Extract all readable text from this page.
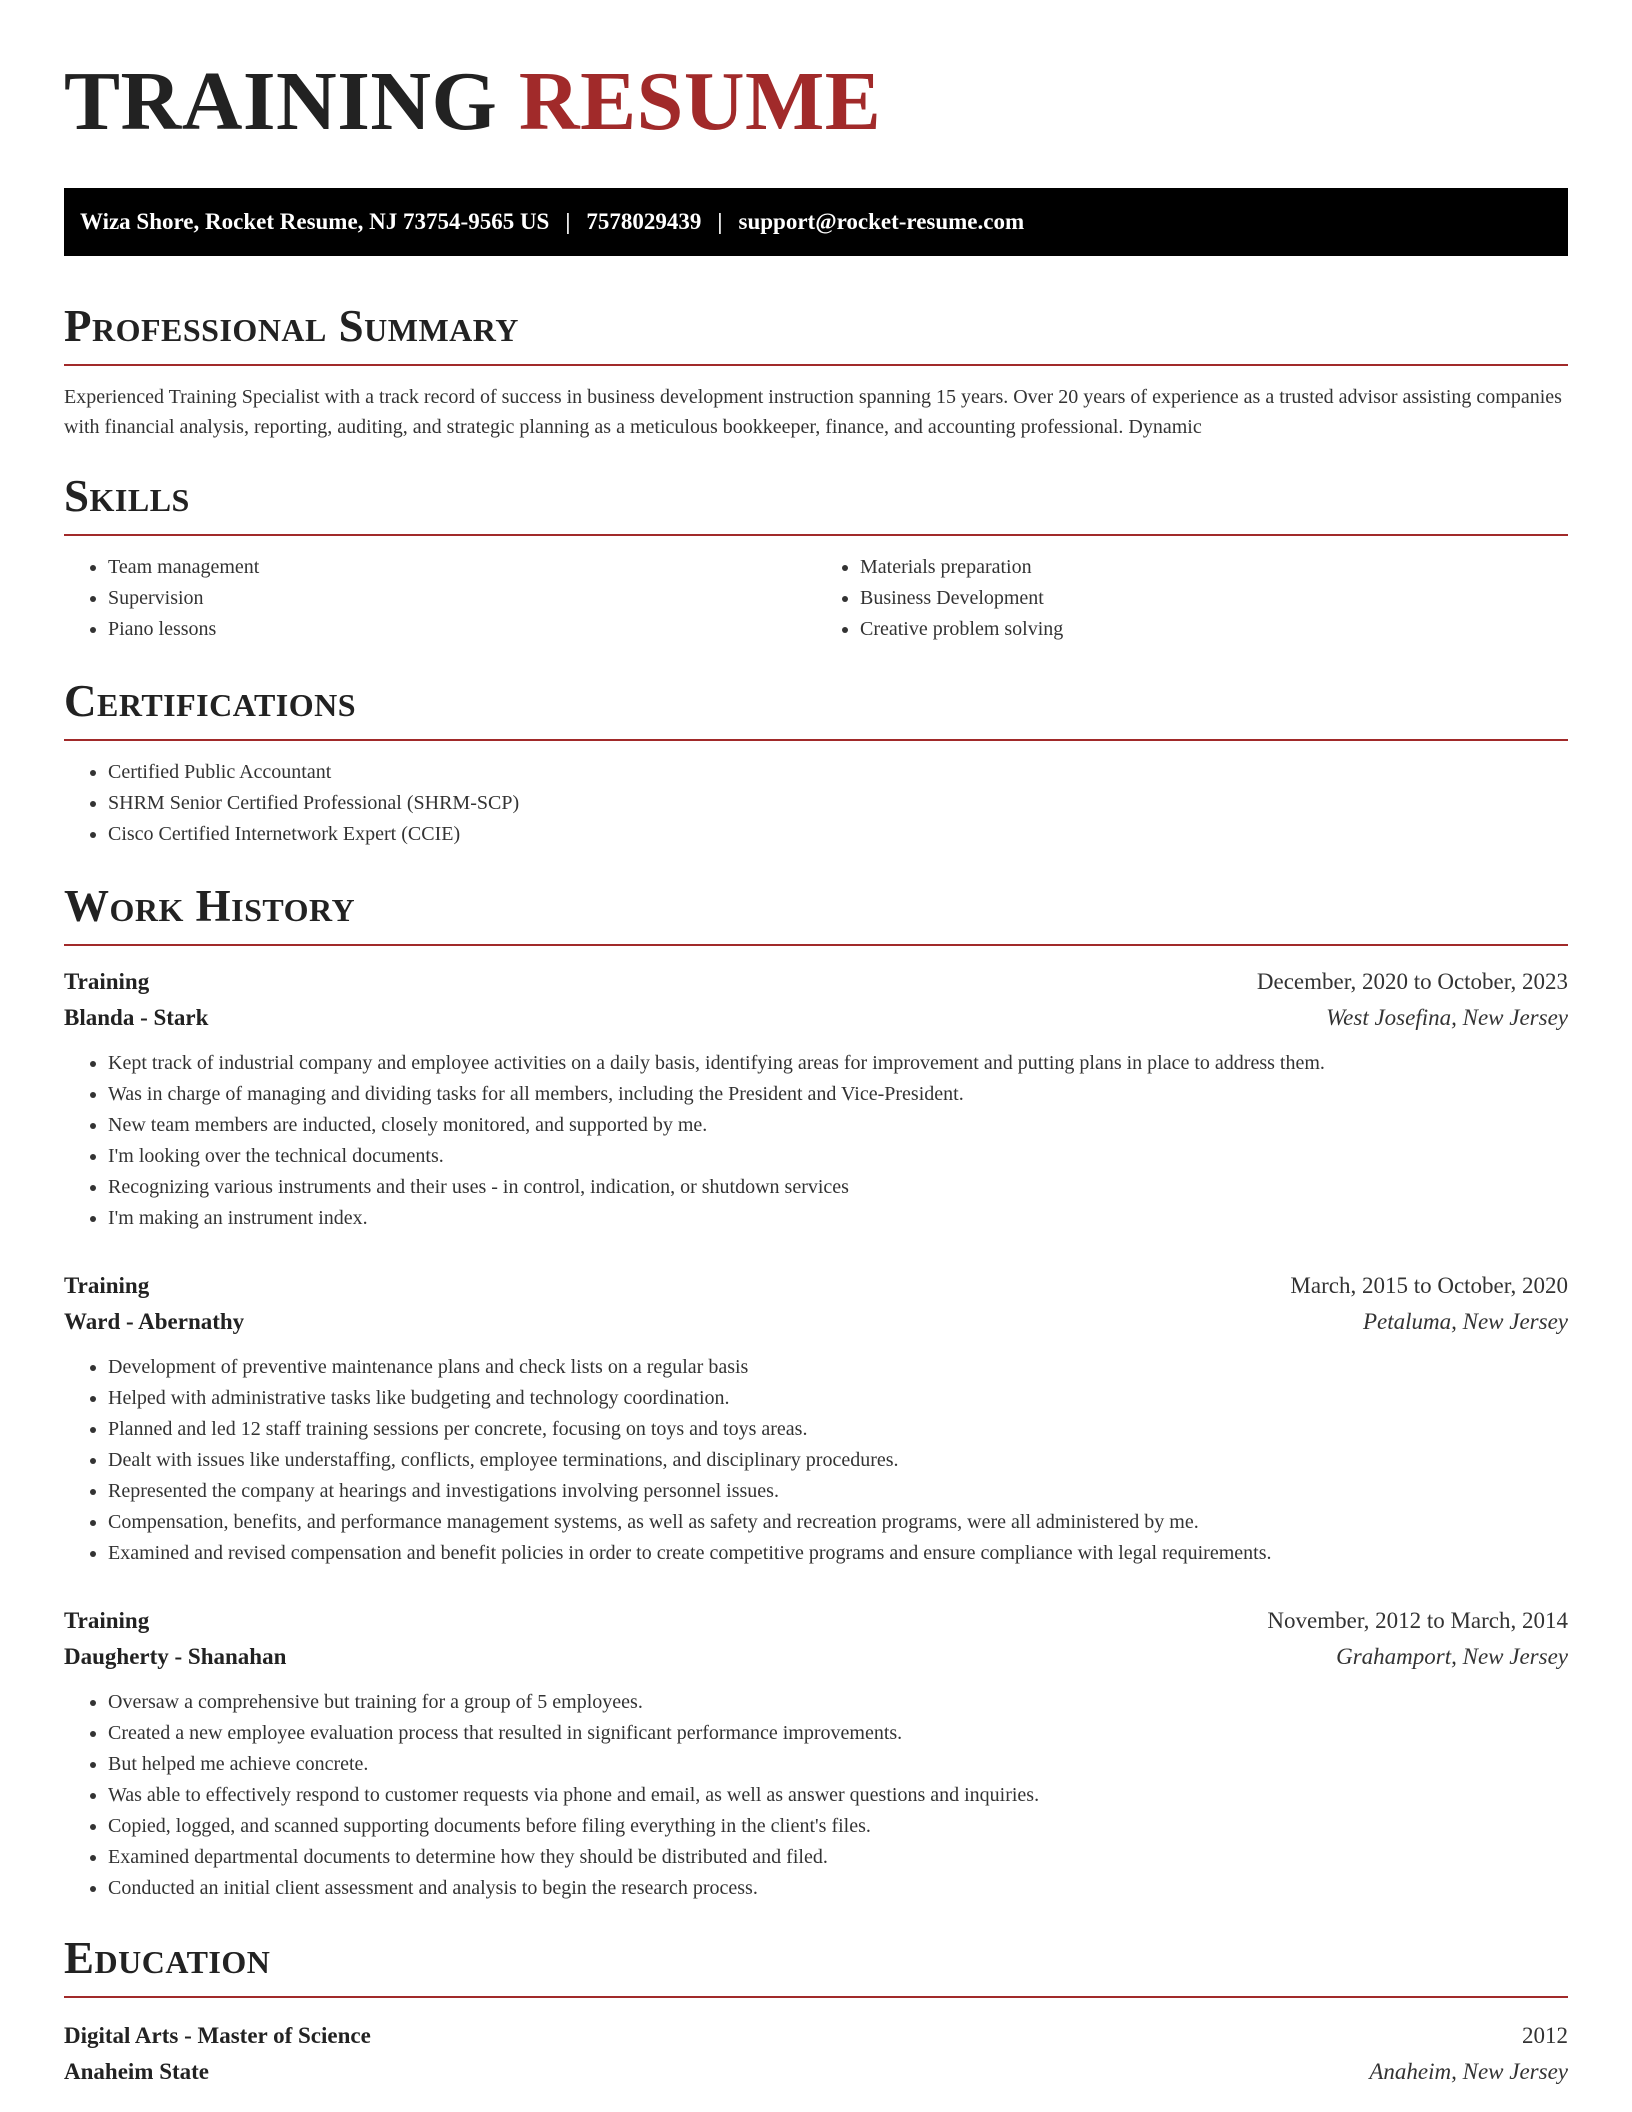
TRAINING RESUME
Wiza Shore, Rocket Resume, NJ 73754-9565 US | 7578029439 | support@rocket-resume.com
Professional Summary

Experienced Training Specialist with a track record of success in business development instruction spanning 15 years. Over 20 years of experience as a trusted advisor assisting companies with financial analysis, reporting, auditing, and strategic planning as a meticulous bookkeeper, finance, and accounting professional. Dynamic

Skills
• Team management
• Supervision
• Piano lessons
• Materials preparation
• Business Development
• Creative problem solving
Certifications
• Certified Public Accountant
• SHRM Senior Certified Professional (SHRM-SCP)
• Cisco Certified Internetwork Expert (CCIE)
Work History
Training	December, 2020 to October, 2023
Blanda - Stark	West Josefina, New Jersey
• Kept track of industrial company and employee activities on a daily basis, identifying areas for improvement and putting plans in place to address them.
• Was in charge of managing and dividing tasks for all members, including the President and Vice-President.
• New team members are inducted, closely monitored, and supported by me.
• I'm looking over the technical documents.
• Recognizing various instruments and their uses - in control, indication, or shutdown services
• I'm making an instrument index.
Training	March, 2015 to October, 2020
Ward - Abernathy	Petaluma, New Jersey
• Development of preventive maintenance plans and check lists on a regular basis
• Helped with administrative tasks like budgeting and technology coordination.
• Planned and led 12 staff training sessions per concrete, focusing on toys and toys areas.
• Dealt with issues like understaffing, conflicts, employee terminations, and disciplinary procedures.
• Represented the company at hearings and investigations involving personnel issues.
• Compensation, benefits, and performance management systems, as well as safety and recreation programs, were all administered by me.
• Examined and revised compensation and benefit policies in order to create competitive programs and ensure compliance with legal requirements.
Training	November, 2012 to March, 2014
Daugherty - Shanahan	Grahamport, New Jersey
• Oversaw a comprehensive but training for a group of 5 employees.
• Created a new employee evaluation process that resulted in significant performance improvements.
• But helped me achieve concrete.
• Was able to effectively respond to customer requests via phone and email, as well as answer questions and inquiries.
• Copied, logged, and scanned supporting documents before filing everything in the client's files.
• Examined departmental documents to determine how they should be distributed and filed.
• Conducted an initial client assessment and analysis to begin the research process.
Education
Digital Arts - Master of Science	2012
Anaheim State	Anaheim, New Jersey
